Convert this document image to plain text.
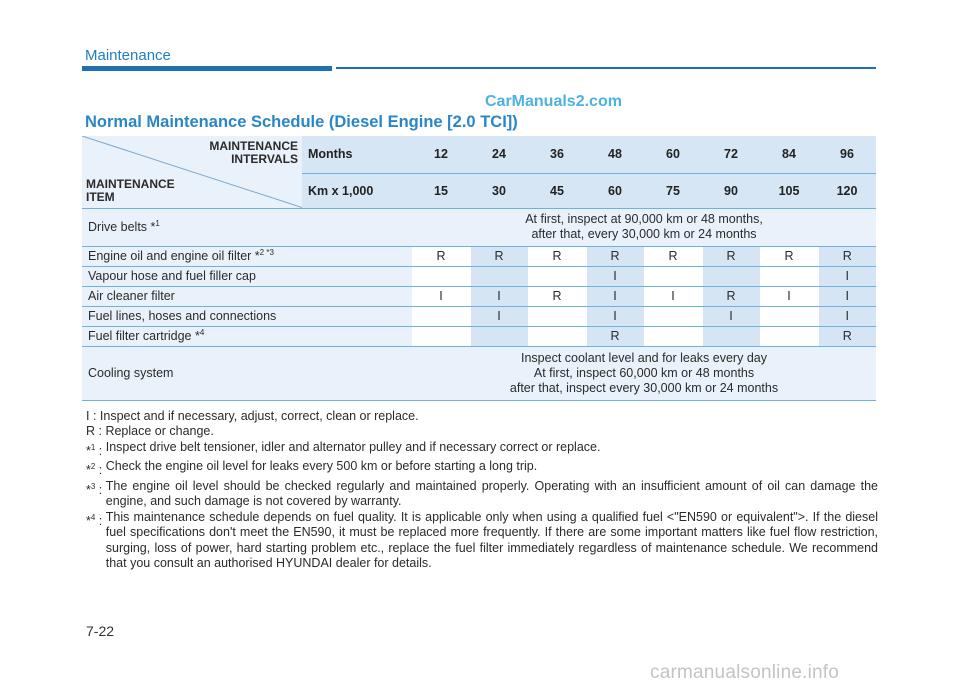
Maintenance
CarManuals2.com
Normal Maintenance Schedule (Diesel Engine [2.0 TCI])
MAINTENANCE
INTERVALS
MAINTENANCE
ITEM	Months	12	24	36	48	60	72	84	96
	Km x 1,000	15	30	45	60	75	90	105	120
Drive belts *$^1$		At first, inspect at 90,000 km or 48 months,
after that, every 30,000 km or 24 months							
Engine oil and engine oil filter *$^{2 *3}$		R	R	R	R	R	R	R	R
Vapour hose and fuel filler cap					I				I
Air cleaner filter		I	I	R	I	I	R	I	I
Fuel lines, hoses and connections			I		I		I		I
Fuel filter cartridge *$^4$					R				R
Cooling system		Inspect coolant level and for leaks every day
At first, inspect 60,000 km or 48 months
after that, inspect every 30,000 km or 24 months							
I : Inspect and if necessary, adjust, correct, clean or replace.
R : Replace or change.
*$^1$ : Inspect drive belt tensioner, idler and alternator pulley and if necessary correct or replace.
*$^2$ : Check the engine oil level for leaks every 500 km or before starting a long trip.
*$^3$ : The engine oil level should be checked regularly and maintained properly. Operating with an insufficient amount of oil can damage the engine, and such damage is not covered by warranty.
*$^4$ : This maintenance schedule depends on fuel quality. It is applicable only when using a qualified fuel <"EN590 or equivalent">. If the diesel fuel specifications don't meet the EN590, it must be replaced more frequently. If there are some important matters like fuel flow restriction, surging, loss of power, hard starting problem etc., replace the fuel filter immediately regardless of maintenance schedule. We recommend that you consult an authorised HYUNDAI dealer for details.
7-22
carmanualsonline.info
